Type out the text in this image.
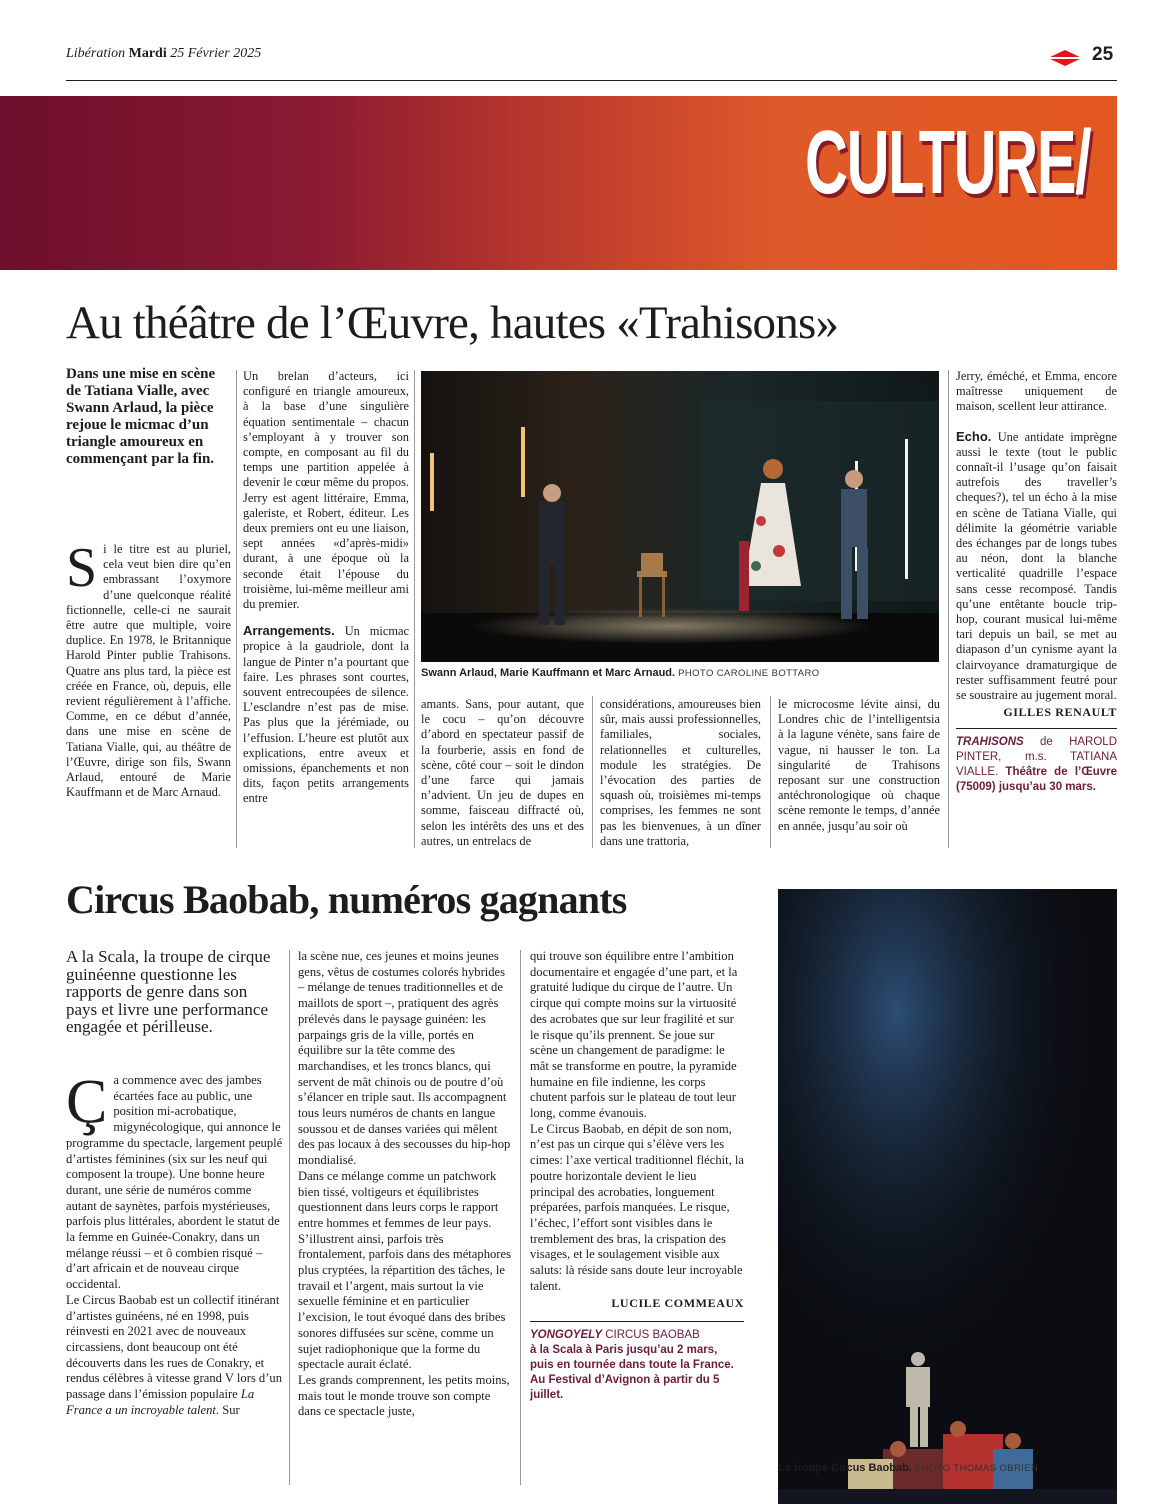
Libération Mardi 25 Février 2025	25
CULTURE/
Au théâtre de l’Œuvre, hautes «Trahisons»
Dans une mise en scène de Tatiana Vialle, avec Swann Arlaud, la pièce rejoue le micmac d’un triangle amoureux en commençant par la fin.

Si le titre est au pluriel, cela veut bien dire qu’en embrassant l’oxymore d’une quelconque réalité fictionnelle, celle-ci ne saurait être autre que multiple, voire duplice. En 1978, le Britannique Harold Pinter publie Trahisons. Quatre ans plus tard, la pièce est créée en France, où, depuis, elle revient régulièrement à l’affiche. Comme, en ce début d’année, dans une mise en scène de Tatiana Vialle, qui, au théâtre de l’Œuvre, dirige son fils, Swann Arlaud, entouré de Marie Kauffmann et de Marc Arnaud.

Un brelan d’acteurs, ici configuré en triangle amoureux, à la base d’une singulière équation sentimentale – chacun s’employant à y trouver son compte, en composant au fil du temps une partition appelée à devenir le cœur même du propos. Jerry est agent littéraire, Emma, galeriste, et Robert, éditeur. Les deux premiers ont eu une liaison, sept années «d’après-midi» durant, à une époque où la seconde était l’épouse du troisième, lui-même meilleur ami du premier.

Arrangements. Un micmac propice à la gaudriole, dont la langue de Pinter n’a pourtant que faire. Les phrases sont courtes, souvent entrecoupées de silence. L’esclandre n’est pas de mise. Pas plus que la jérémiade, ou l’effusion. L’heure est plutôt aux explications, entre aveux et omissions, épanchements et non dits, façon petits arrangements entre

Swann Arlaud, Marie Kauffmann et Marc Arnaud. PHOTO CAROLINE BOTTARO
amants. Sans, pour autant, que le cocu – qu’on découvre d’abord en spectateur passif de la fourberie, assis en fond de scène, côté cour – soit le dindon d’une farce qui jamais n’advient. Un jeu de dupes en somme, faisceau diffracté où, selon les intérêts des uns et des autres, un entrelacs de
considérations, amoureuses bien sûr, mais aussi professionnelles, familiales, sociales, relationnelles et culturelles, module les stratégies. De l’évocation des parties de squash où, troisièmes mi-temps comprises, les femmes ne sont pas les bienvenues, à un dîner dans une trattoria,
le microcosme lévite ainsi, du Londres chic de l’intelligentsia à la lagune vénète, sans faire de vague, ni hausser le ton. La singularité de Trahisons reposant sur une construction antéchronologique où chaque scène remonte le temps, d’année en année, jusqu’au soir où

Jerry, éméché, et Emma, encore maîtresse uniquement de maison, scellent leur attirance.

Echo. Une antidate imprègne aussi le texte (tout le public connaît-il l’usage qu’on faisait autrefois des traveller’s cheques?), tel un écho à la mise en scène de Tatiana Vialle, qui délimite la géométrie variable des échanges par de longs tubes au néon, dont la blanche verticalité quadrille l’espace sans cesse recomposé. Tandis qu’une entêtante boucle trip-hop, courant musical lui-même tari depuis un bail, se met au diapason d’un cynisme ayant la clairvoyance dramaturgique de rester suffisamment feutré pour se soustraire au jugement moral.

GILLES RENAULT
TRAHISONS de HAROLD PINTER, m.s. TATIANA VIALLE. Théâtre de l’Œuvre (75009) jusqu’au 30 mars.
Circus Baobab, numéros gagnants
A la Scala, la troupe de cirque guinéenne questionne les rapports de genre dans son pays et livre une performance engagée et périlleuse.

Ça commence avec des jambes écartées face au public, une position mi-acrobatique, migynécologique, qui annonce le programme du spectacle, largement peuplé d’artistes féminines (six sur les neuf qui composent la troupe). Une bonne heure durant, une série de numéros comme autant de saynètes, parfois mystérieuses, parfois plus littérales, abordent le statut de la femme en Guinée-Conakry, dans un mélange réussi – et ô combien risqué – d’art africain et de nouveau cirque occidental.

Le Circus Baobab est un collectif itinérant d’artistes guinéens, né en 1998, puis réinvesti en 2021 avec de nouveaux circassiens, dont beaucoup ont été découverts dans les rues de Conakry, et rendus célèbres à vitesse grand V lors d’un passage dans l’émission populaire La France a un incroyable talent. Sur

la scène nue, ces jeunes et moins jeunes gens, vêtus de costumes colorés hybrides – mélange de tenues traditionnelles et de maillots de sport –, pratiquent des agrès prélevés dans le paysage guinéen: les parpaings gris de la ville, portés en équilibre sur la tête comme des marchandises, et les troncs blancs, qui servent de mât chinois ou de poutre d’où s’élancer en triple saut. Ils accompagnent tous leurs numéros de chants en langue soussou et de danses variées qui mêlent des pas locaux à des secousses du hip-hop mondialisé.

Dans ce mélange comme un patchwork bien tissé, voltigeurs et équilibristes questionnent dans leurs corps le rapport entre hommes et femmes de leur pays. S’illustrent ainsi, parfois très frontalement, parfois dans des métaphores plus cryptées, la répartition des tâches, le travail et l’argent, mais surtout la vie sexuelle féminine et en particulier l’excision, le tout évoqué dans des bribes sonores diffusées sur scène, comme un sujet radiophonique que la forme du spectacle aurait éclaté.

Les grands comprennent, les petits moins, mais tout le monde trouve son compte dans ce spectacle juste,

qui trouve son équilibre entre l’ambition documentaire et engagée d’une part, et la gratuité ludique du cirque de l’autre. Un cirque qui compte moins sur la virtuosité des acrobates que sur leur fragilité et sur le risque qu’ils prennent. Se joue sur scène un changement de paradigme: le mât se transforme en poutre, la pyramide humaine en file indienne, les corps chutent parfois sur le plateau de tout leur long, comme évanouis.

Le Circus Baobab, en dépit de son nom, n’est pas un cirque qui s’élève vers les cimes: l’axe vertical traditionnel fléchit, la poutre horizontale devient le lieu principal des acrobaties, longuement préparées, parfois manquées. Le risque, l’échec, l’effort sont visibles dans le tremblement des bras, la crispation des visages, et le soulagement visible aux saluts: là réside sans doute leur incroyable talent.

LUCILE COMMEAUX
YONGOYELY CIRCUS BAOBAB
à la Scala à Paris jusqu’au 2 mars, puis en tournée dans toute la France. Au Festival d’Avignon à partir du 5 juillet.
La troupe Circus Baobab. PHOTO THOMAS OBRIEN
